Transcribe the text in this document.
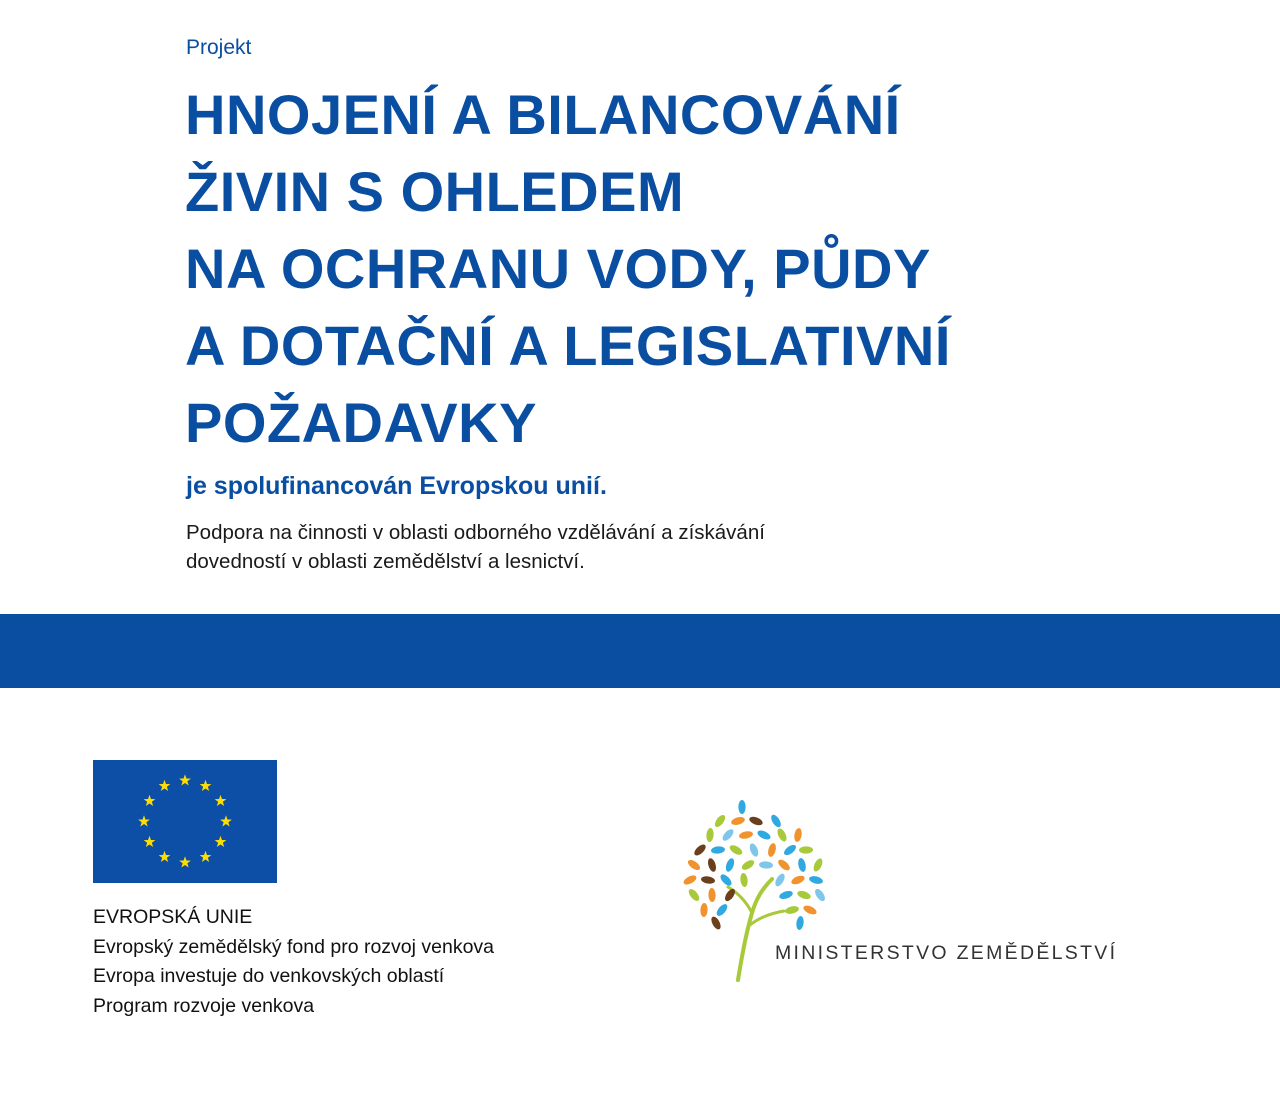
Projekt
HNOJENÍ A BILANCOVÁNÍ
ŽIVIN S OHLEDEM
NA OCHRANU VODY, PŮDY
A DOTAČNÍ A LEGISLATIVNÍ
POŽADAVKY
je spolufinancován Evropskou unií.
Podpora na činnosti v oblasti odborného vzdělávání a získávání
dovedností v oblasti zemědělství a lesnictví.
EVROPSKÁ UNIE
Evropský zemědělský fond pro rozvoj venkova
Evropa investuje do venkovských oblastí
Program rozvoje venkova
MINISTERSTVO ZEMĚDĚLSTVÍ
